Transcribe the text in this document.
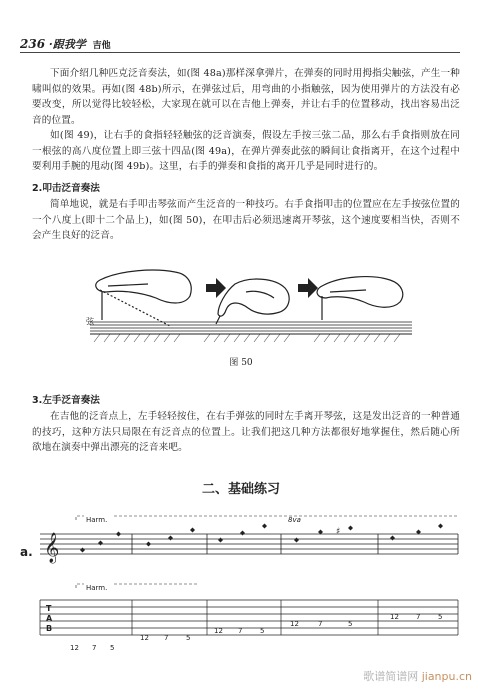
236 ·跟我学 吉他
下面介绍几种匹克泛音奏法，如(图 48a)那样深拿弹片，在弹奏的同时用拇指尖触弦，产生一种啸叫似的效果。再如(图 48b)所示，在弹弦过后，用弯曲的小指触弦，因为使用弹片的方法没有必要改变，所以觉得比较轻松，大家现在就可以在吉他上弹奏，并让右手的位置移动，找出容易出泛音的位置。
如(图 49)，让右手的食指轻轻触弦的泛音演奏，假设左手按三弦二品，那么右手食指则放在同一根弦的高八度位置上即三弦十四品(图 49a)，在弹片弹奏此弦的瞬间让食指离开，在这个过程中要利用手腕的甩动(图 49b)。这里，右手的弹奏和食指的离开几乎是同时进行的。
2.叩击泛音奏法
简单地说，就是右手叩击琴弦而产生泛音的一种技巧。右手食指叩击的位置应在左手按弦位置的一个八度上(即十二个品上)，如(图 50)，在叩击后必须迅速离开琴弦，这个速度要相当快，否则不会产生良好的泛音。
弦
图 50
3.左手泛音奏法
在吉他的泛音点上，左手轻轻按住，在右手弹弦的同时左手离开琴弦，这是发出泛音的一种普通的技巧，这种方法只局限在有泛音点的位置上。让我们把这几种方法都很好地掌握住，然后随心所欲地在演奏中弹出漂亮的泛音来吧。
二、基础练习
a. 𝄞
Harm.	8va
♯
Harm.
T
A
B
12 7 5
12 7	5
12 7	5
12	7	5
12 7	5
歌谱简谱网 jianpu.cn
